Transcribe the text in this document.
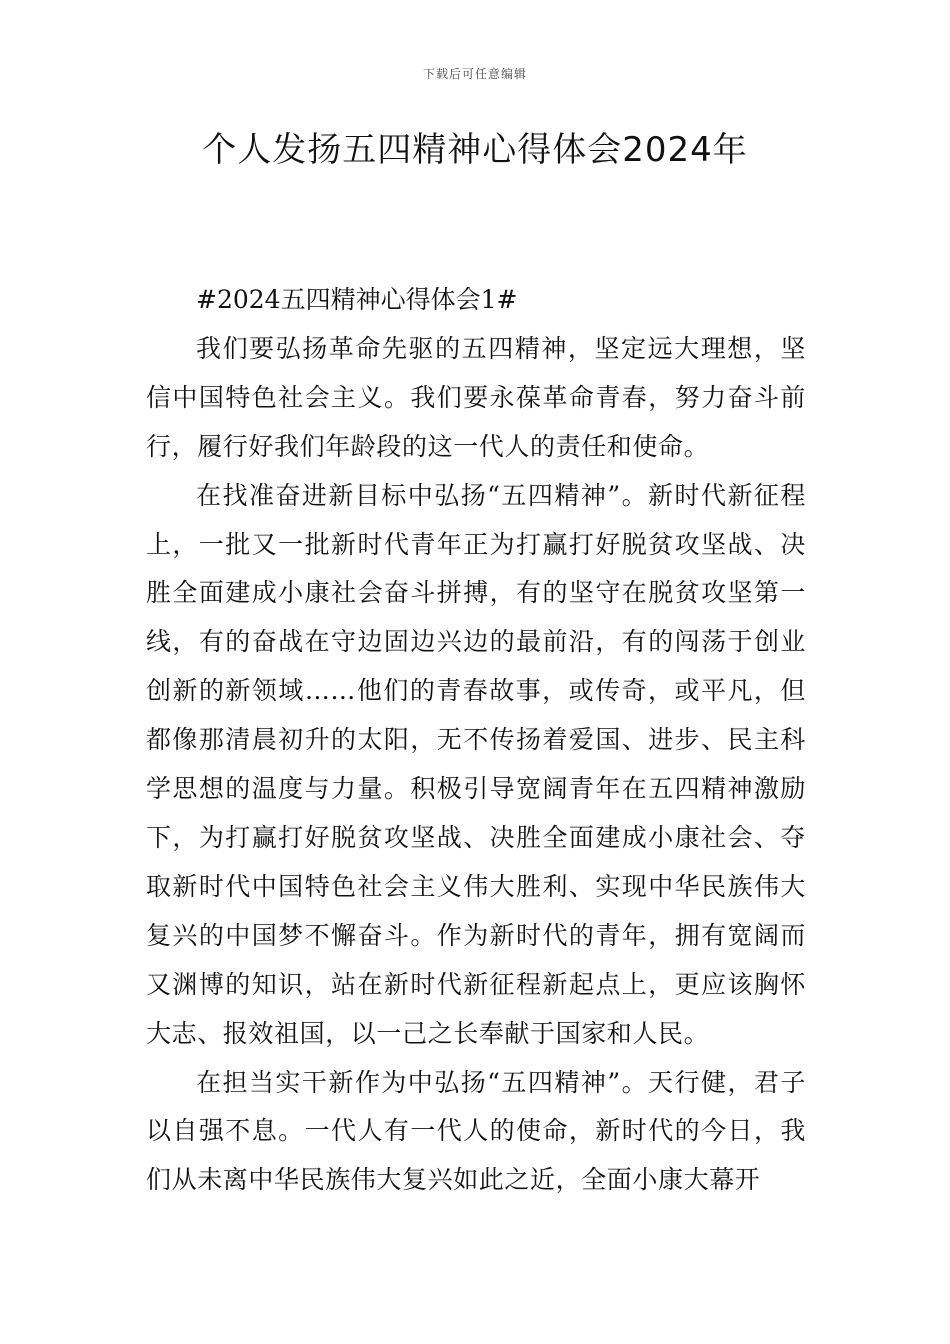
下载后可任意编辑
个人发扬五四精神心得体会2024年

#2024五四精神心得体会1#

我们要弘扬革命先驱的五四精神，坚定远大理想，坚信中国特色社会主义。我们要永葆革命青春，努力奋斗前行，履行好我们年龄段的这一代人的责任和使命。

在找准奋进新目标中弘扬“五四精神”。新时代新征程上，一批又一批新时代青年正为打赢打好脱贫攻坚战、决胜全面建成小康社会奋斗拼搏，有的坚守在脱贫攻坚第一线，有的奋战在守边固边兴边的最前沿，有的闯荡于创业创新的新领域……他们的青春故事，或传奇，或平凡，但都像那清晨初升的太阳，无不传扬着爱国、进步、民主科学思想的温度与力量。积极引导宽阔青年在五四精神激励下，为打赢打好脱贫攻坚战、决胜全面建成小康社会、夺取新时代中国特色社会主义伟大胜利、实现中华民族伟大复兴的中国梦不懈奋斗。作为新时代的青年，拥有宽阔而又渊博的知识，站在新时代新征程新起点上，更应该胸怀大志、报效祖国，以一己之长奉献于国家和人民。

在担当实干新作为中弘扬“五四精神”。天行健，君子以自强不息。一代人有一代人的使命，新时代的今日，我们从未离中华民族伟大复兴如此之近，全面小康大幕开
